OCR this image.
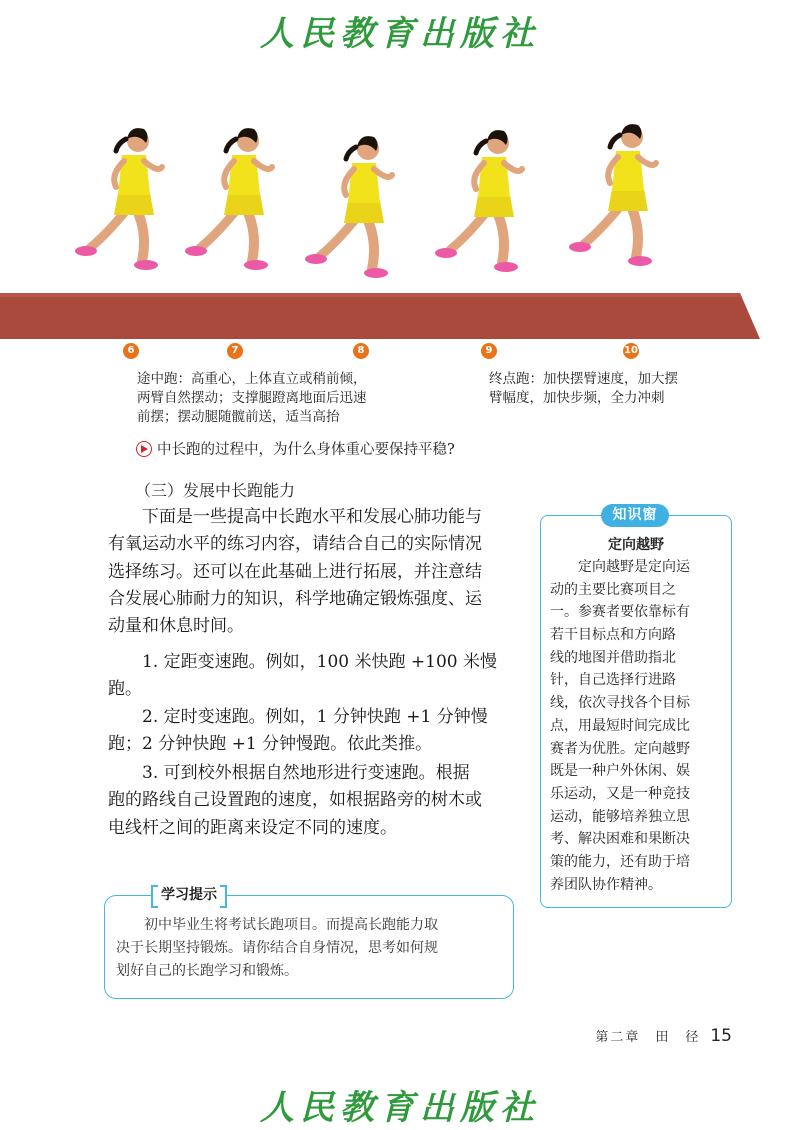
人民教育出版社
6	7	8	9	10
途中跑：高重心，上体直立或稍前倾，
两臂自然摆动；支撑腿蹬离地面后迅速
前摆；摆动腿随髋前送，适当高抬
终点跑：加快摆臂速度，加大摆
臂幅度，加快步频，全力冲刺
中长跑的过程中，为什么身体重心要保持平稳?
（三）发展中长跑能力
　　下面是一些提高中长跑水平和发展心肺功能与
有氧运动水平的练习内容，请结合自己的实际情况
选择练习。还可以在此基础上进行拓展，并注意结
合发展心肺耐力的知识，科学地确定锻炼强度、运
动量和休息时间。
　　1. 定距变速跑。例如，100 米快跑 +100 米慢
跑。
　　2. 定时变速跑。例如，1 分钟快跑 +1 分钟慢
跑；2 分钟快跑 +1 分钟慢跑。依此类推。
　　3. 可到校外根据自然地形进行变速跑。根据
跑的路线自己设置跑的速度，如根据路旁的树木或
电线杆之间的距离来设定不同的速度。
知识窗
定向越野
　　定向越野是定向运
动的主要比赛项目之
一。参赛者要依靠标有
若干目标点和方向路
线的地图并借助指北
针，自己选择行进路
线，依次寻找各个目标
点，用最短时间完成比
赛者为优胜。定向越野
既是一种户外休闲、娱
乐运动，又是一种竞技
运动，能够培养独立思
考、解决困难和果断决
策的能力，还有助于培
养团队协作精神。
学习提示
　　初中毕业生将考试长跑项目。而提高长跑能力取
决于长期坚持锻炼。请你结合自身情况，思考如何规
划好自己的长跑学习和锻炼。
第二章　田　径 15
人民教育出版社
